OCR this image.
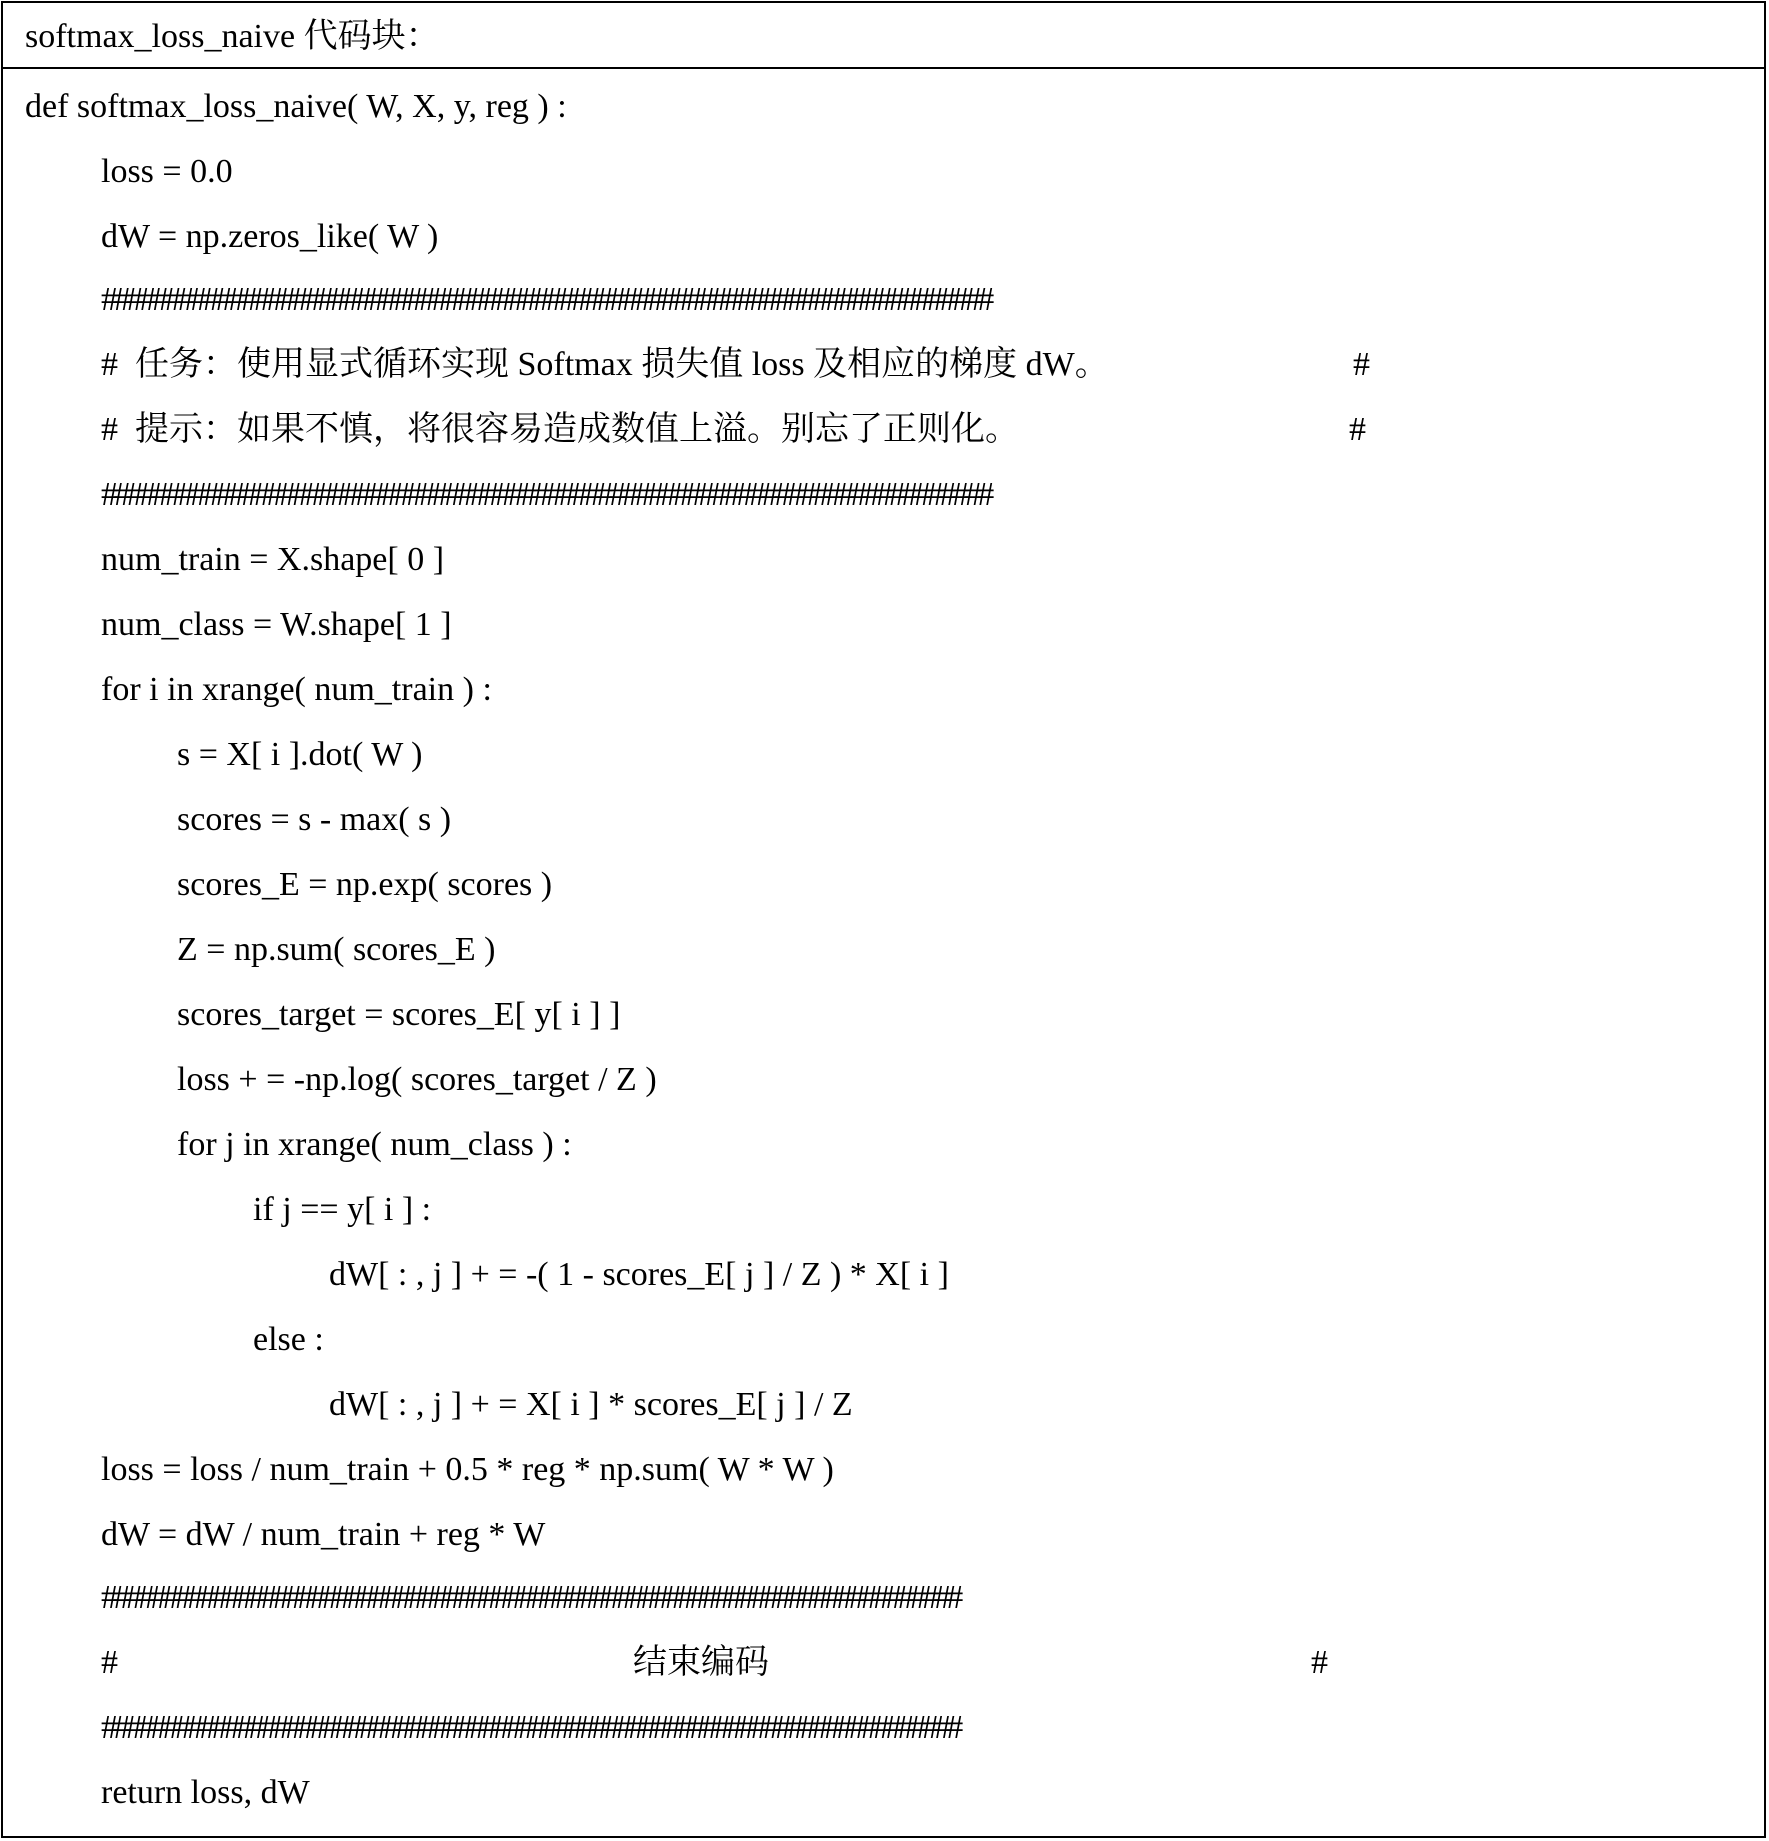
softmax_loss_naive 代码块：
def softmax_loss_naive( W, X, y, reg ) :
loss = 0.0
dW = np.zeros_like( W )
######################################################################
#  任务：使用显式循环实现 Softmax 损失值 loss 及相应的梯度 dW。	#
#  提示：如果不慎，将很容易造成数值上溢。别忘了正则化。	#
######################################################################
num_train = X.shape[ 0 ]
num_class = W.shape[ 1 ]
for i in xrange( num_train ) :
s = X[ i ].dot( W )
scores = s - max( s )
scores_E = np.exp( scores )
Z = np.sum( scores_E )
scores_target = scores_E[ y[ i ] ]
loss + = -np.log( scores_target / Z )
for j in xrange( num_class ) :
if j == y[ i ] :
dW[ : , j ] + = -( 1 - scores_E[ j ] / Z ) * X[ i ]
else :
dW[ : , j ] + = X[ i ] * scores_E[ j ] / Z
loss = loss / num_train + 0.5 * reg * np.sum( W * W )
dW = dW / num_train + reg * W
######################################################################
#	结束编码	#
######################################################################
return loss, dW
